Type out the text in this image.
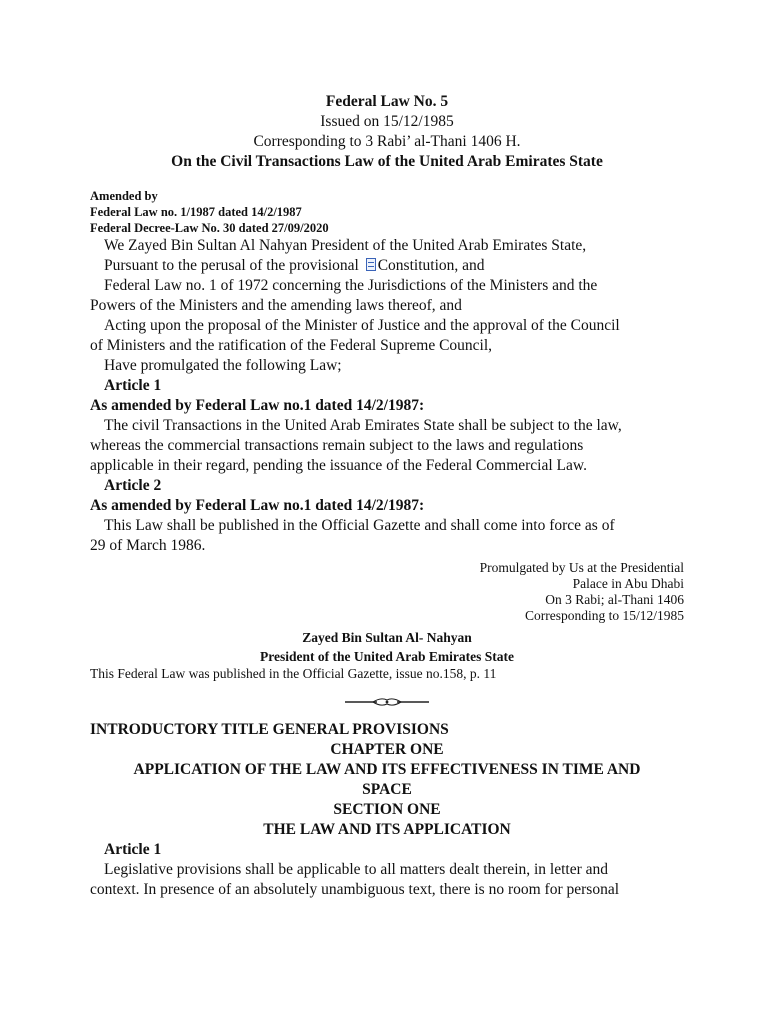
Federal Law No. 5
Issued on 15/12/1985
Corresponding to 3 Rabi’ al-Thani 1406 H.
On the Civil Transactions Law of the United Arab Emirates State
Amended by
Federal Law no. 1/1987 dated 14/2/1987
Federal Decree-Law No. 30 dated 27/09/2020
We Zayed Bin Sultan Al Nahyan President of the United Arab Emirates State,
Pursuant to the perusal of the provisional Constitution, and
Federal Law no. 1 of 1972 concerning the Jurisdictions of the Ministers and the
Powers of the Ministers and the amending laws thereof, and
Acting upon the proposal of the Minister of Justice and the approval of the Council
of Ministers and the ratification of the Federal Supreme Council,
Have promulgated the following Law;
Article 1
As amended by Federal Law no.1 dated 14/2/1987:
The civil Transactions in the United Arab Emirates State shall be subject to the law,
whereas the commercial transactions remain subject to the laws and regulations
applicable in their regard, pending the issuance of the Federal Commercial Law.
Article 2
As amended by Federal Law no.1 dated 14/2/1987:
This Law shall be published in the Official Gazette and shall come into force as of
29 of March 1986.
Promulgated by Us at the Presidential
Palace in Abu Dhabi
On 3 Rabi; al-Thani 1406
Corresponding to 15/12/1985
Zayed Bin Sultan Al- Nahyan
President of the United Arab Emirates State
This Federal Law was published in the Official Gazette, issue no.158, p. 11
INTRODUCTORY TITLE GENERAL PROVISIONS
CHAPTER ONE
APPLICATION OF THE LAW AND ITS EFFECTIVENESS IN TIME AND
SPACE
SECTION ONE
THE LAW AND ITS APPLICATION
Article 1
Legislative provisions shall be applicable to all matters dealt therein, in letter and
context. In presence of an absolutely unambiguous text, there is no room for personal
